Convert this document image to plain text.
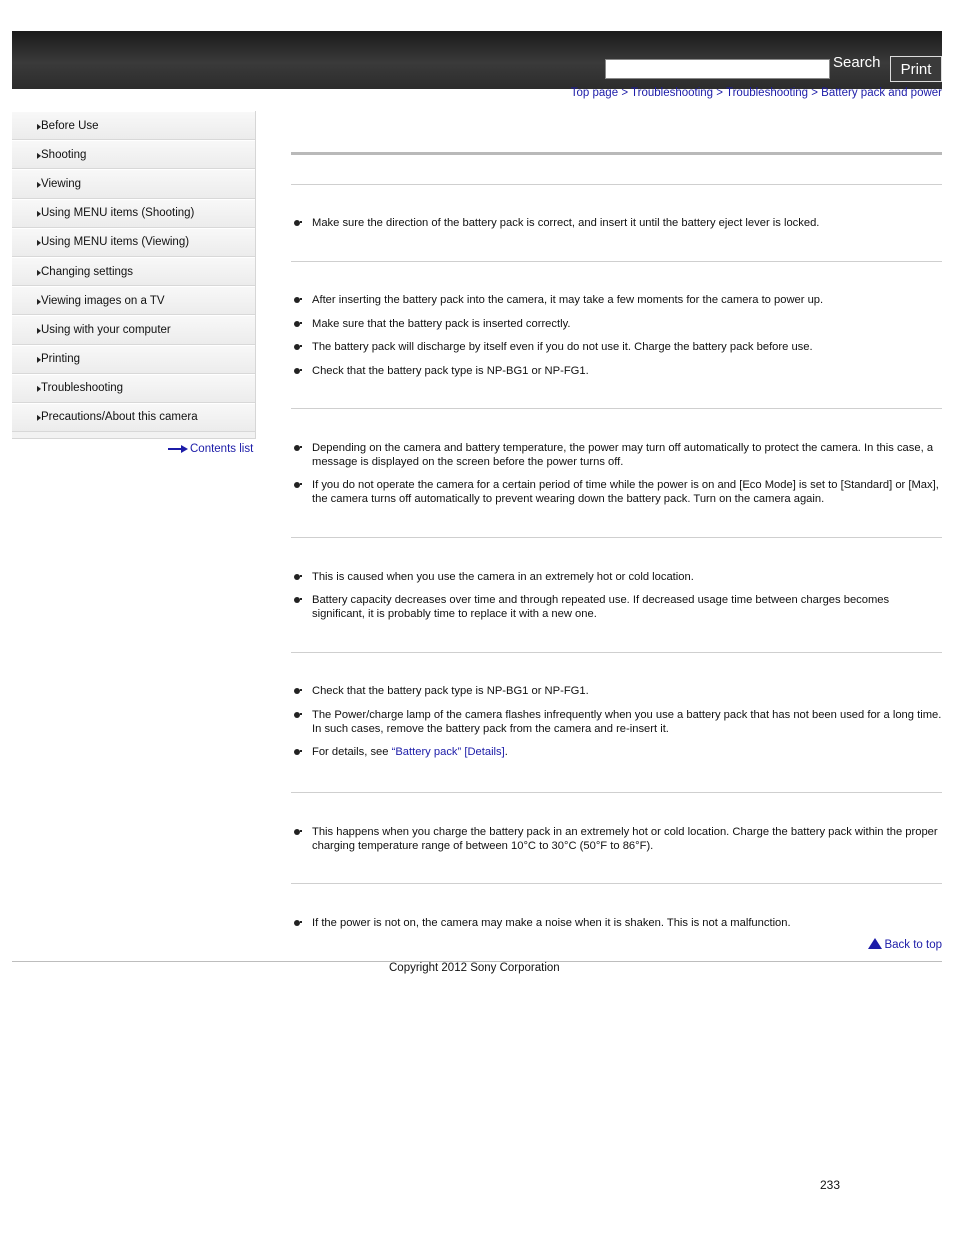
Search	Print
Top page > Troubleshooting > Troubleshooting > Battery pack and power
Before Use
Shooting
Viewing
Using MENU items (Shooting)
Using MENU items (Viewing)
Changing settings
Viewing images on a TV
Using with your computer
Printing
Troubleshooting
Precautions/About this camera
Contents list
Make sure the direction of the battery pack is correct, and insert it until the battery eject lever is locked.
After inserting the battery pack into the camera, it may take a few moments for the camera to power up.
Make sure that the battery pack is inserted correctly.
The battery pack will discharge by itself even if you do not use it. Charge the battery pack before use.
Check that the battery pack type is NP-BG1 or NP-FG1.
Depending on the camera and battery temperature, the power may turn off automatically to protect the camera. In this case, a message is displayed on the screen before the power turns off.
If you do not operate the camera for a certain period of time while the power is on and [Eco Mode] is set to [Standard] or [Max], the camera turns off automatically to prevent wearing down the battery pack. Turn on the camera again.
This is caused when you use the camera in an extremely hot or cold location.
Battery capacity decreases over time and through repeated use. If decreased usage time between charges becomes significant, it is probably time to replace it with a new one.
Check that the battery pack type is NP-BG1 or NP-FG1.
The Power/charge lamp of the camera flashes infrequently when you use a battery pack that has not been used for a long time. In such cases, remove the battery pack from the camera and re-insert it.
For details, see “Battery pack” [Details].
This happens when you charge the battery pack in an extremely hot or cold location. Charge the battery pack within the proper charging temperature range of between 10°C to 30°C (50°F to 86°F).
If the power is not on, the camera may make a noise when it is shaken. This is not a malfunction.
Back to top
Copyright 2012 Sony Corporation
233
